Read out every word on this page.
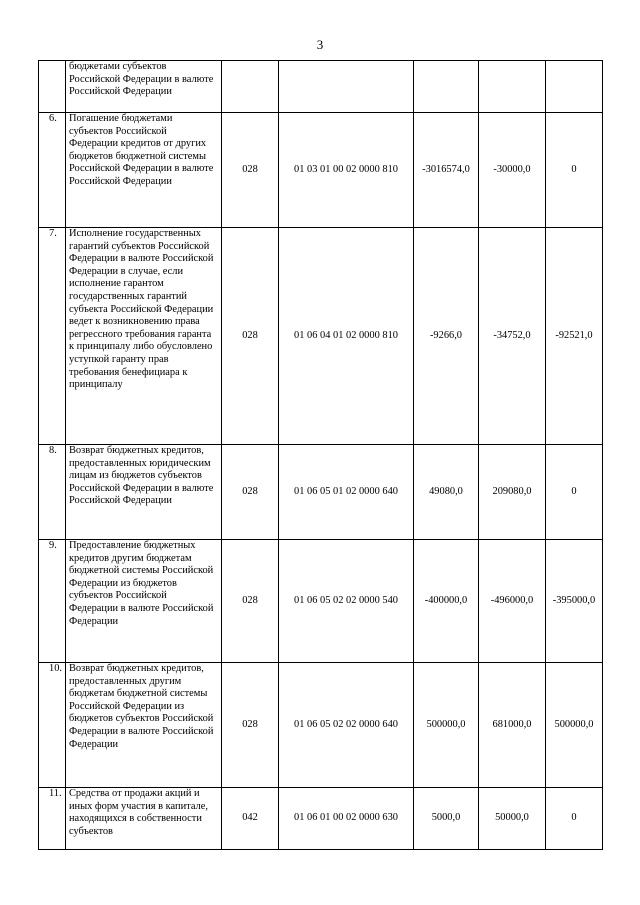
3
	бюджетами субъектов Российской Федерации в валюте Российской Федерации					
6.	Погашение бюджетами субъектов Российской Федерации кредитов от других бюджетов бюджетной системы Российской Федерации в валюте Российской Федерации	028	01 03 01 00 02 0000 810	-3016574,0	-30000,0	0
7.	Исполнение государственных гарантий субъектов Российской Федерации в валюте Российской Федерации в случае, если исполнение гарантом государственных гарантий субъекта Российской Федерации ведет к возникновению права регрессного требования гаранта к принципалу либо обусловлено уступкой гаранту прав требования бенефициара к принципалу	028	01 06 04 01 02 0000 810	-9266,0	-34752,0	-92521,0
8.	Возврат бюджетных кредитов, предоставленных юридическим лицам из бюджетов субъектов Российской Федерации в валюте Российской Федерации	028	01 06 05 01 02 0000 640	49080,0	209080,0	0
9.	Предоставление бюджетных кредитов другим бюджетам бюджетной системы Российской Федерации из бюджетов субъектов Российской Федерации в валюте Российской Федерации	028	01 06 05 02 02 0000 540	-400000,0	-496000,0	-395000,0
10.	Возврат бюджетных кредитов, предоставленных другим бюджетам бюджетной системы Российской Федерации из бюджетов субъектов Российской Федерации в валюте Российской Федерации	028	01 06 05 02 02 0000 640	500000,0	681000,0	500000,0
11.	Средства от продажи акций и иных форм участия в капитале, находящихся в собственности субъектов	042	01 06 01 00 02 0000 630	5000,0	50000,0	0
